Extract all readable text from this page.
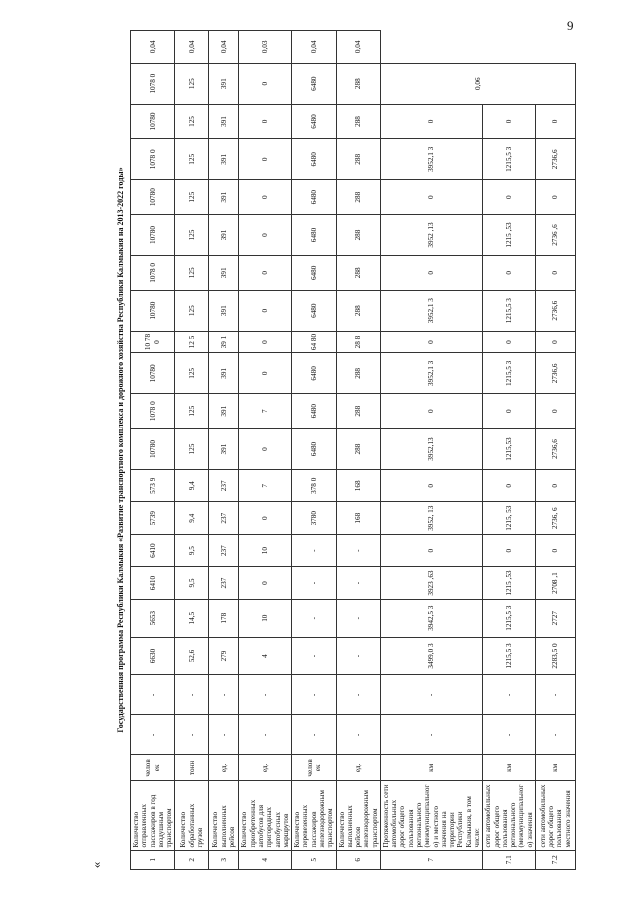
9
«
Государственная программа Республики Калмыкия «Развитие транспортного комплекса и дорожного хозяйства Республики Калмыкия на 2013-2022 годы»
1	Количество отправленных пассажиров в год воздушным транспортом	челов ек	-	-	6630	5653	6410	6410	5739	573 9	10780	1078 0	10780	10 78 0	10780	1078 0	10780	10780	1078 0	10780	1078 0	0,04
2	Количество обработанных грузов	тонн	-	-	52,6	14,5	9,5	9,5	9,4	9,4	125	125	125	12 5	125	125	125	125	125	125	125	0,04
3	Количество выполненных рейсов	ед.	-	-	279	178	237	237	237	237	391	391	391	39 1	391	391	391	391	391	391	391	0,04
4	Количество приобретенных автобусов для пригородных автобусных маршрутов	ед.	-	-	4	10	0	10	0	7	0	7	0	0	0	0	0	0	0	0	0	0,03
5	Количество перевезенных пассажиров железнодорожным транспортом	челов ек	-	-	-	-	-	-	3780	378 0	6480	6480	6480	64 80	6480	6480	6480	6480	6480	6480	6480	0,04
6	Количество выполненных рейсов железнодорожным транспортом	ед.	-	-	-	-	-	-	168	168	288	288	288	28 8	288	288	288	288	288	288	288	0,04
7	Протяженность сети автомобильных дорог общего пользования регионального (межмуниципального) и местного значения на территории Республики Калмыкия, в том числе:	км	-	-	3499,0 3	3942,5 3	3923 ,63	0	3952, 13	0	3952,13	0	3952,1 3	0	3952,1 3	0	3952 ,13	0	3952,1 3	0	0,06	
7.1	сети автомобильных дорог общего пользования регионального (межмуниципального) значения	км	-	-	1215,5 3	1215,5 3	1215 ,53	0	1215, 53	0	1215,53	0	1215,5 3	0	1215,5 3	0	1215 ,53	0	1215,5 3	0		
7.2	сети автомобильных дорог общего пользования местного значения	км	-	-	2283,5 0	2727	2708 ,1	0	2736, 6	0	2736,6	0	2736,6	0	2736,6	0	2736 ,6	0	2736,6	0		
